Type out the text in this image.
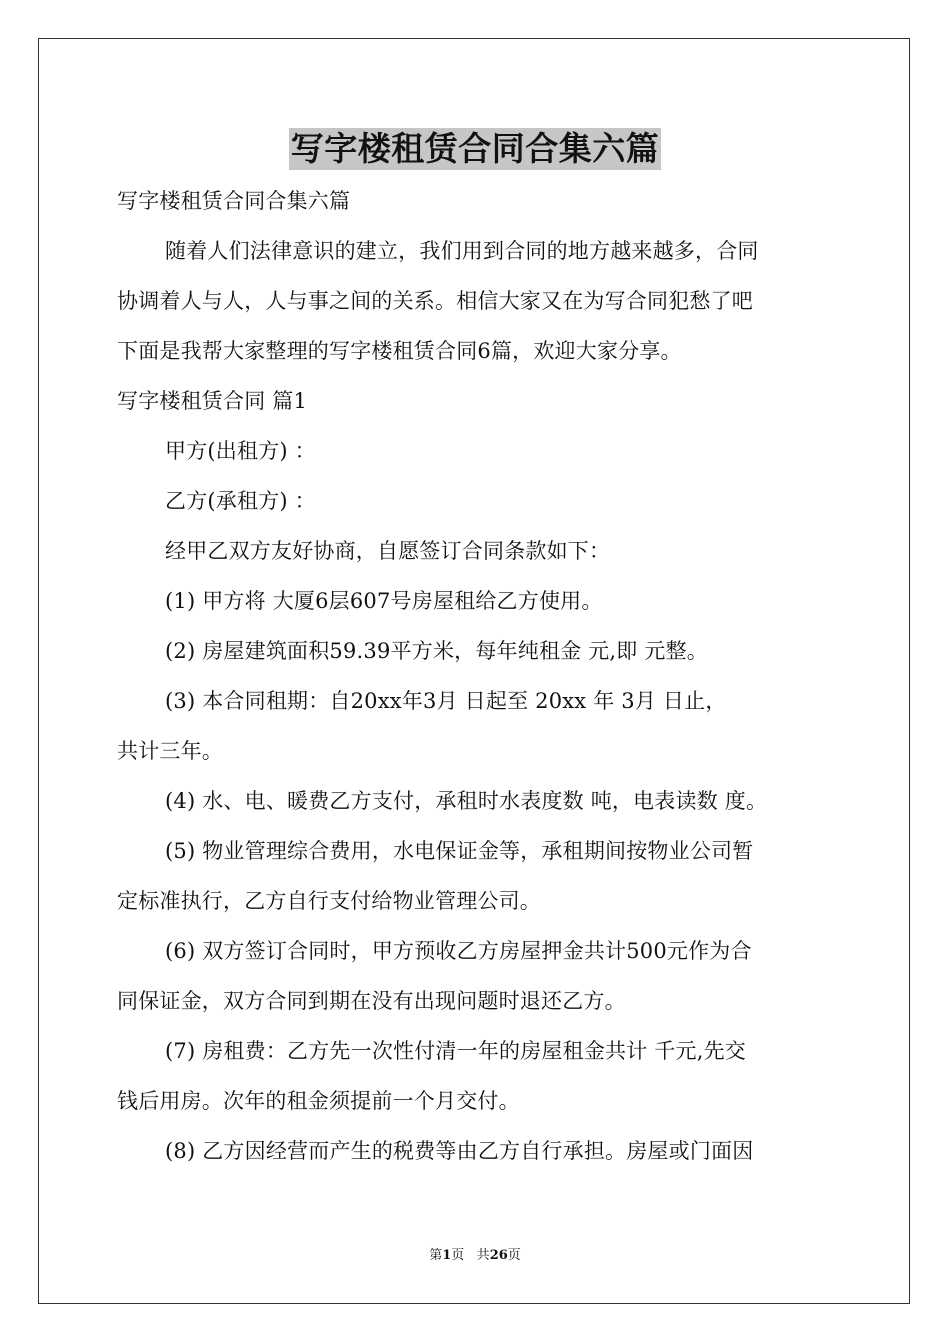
写字楼租赁合同合集六篇
写字楼租赁合同合集六篇
随着人们法律意识的建立，我们用到合同的地方越来越多，合同
协调着人与人，人与事之间的关系。相信大家又在为写合同犯愁了吧
下面是我帮大家整理的写字楼租赁合同6篇，欢迎大家分享。
写字楼租赁合同 篇1
甲方(出租方) ：
乙方(承租方) ：
经甲乙双方友好协商，自愿签订合同条款如下：
(1) 甲方将 大厦6层607号房屋租给乙方使用。
(2) 房屋建筑面积59.39平方米，每年纯租金 元,即 元整。
(3) 本合同租期：自20xx年3月 日起至 20xx 年 3月 日止，
共计三年。
(4) 水、电、暖费乙方支付，承租时水表度数 吨，电表读数 度。
(5) 物业管理综合费用，水电保证金等，承租期间按物业公司暂
定标准执行，乙方自行支付给物业管理公司。
(6) 双方签订合同时，甲方预收乙方房屋押金共计500元作为合
同保证金，双方合同到期在没有出现问题时退还乙方。
(7) 房租费：乙方先一次性付清一年的房屋租金共计 千元,先交
钱后用房。次年的租金须提前一个月交付。
(8) 乙方因经营而产生的税费等由乙方自行承担。房屋或门面因
第1页 共26页
